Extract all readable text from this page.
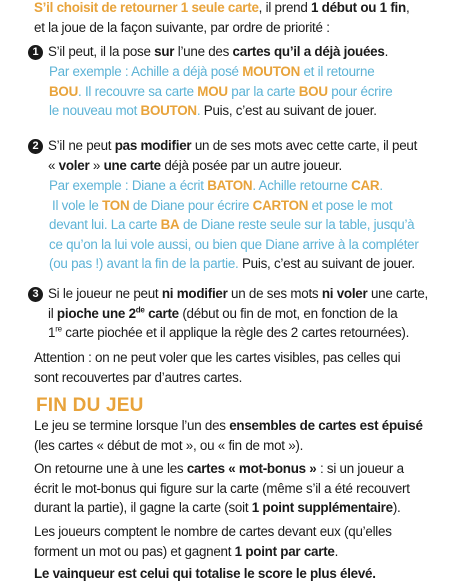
S’il choisit de retourner 1 seule carte, il prend 1 début ou 1 fin,
et la joue de la façon suivante, par ordre de priorité :
1 S’il peut, il la pose sur l’une des cartes qu’il a déjà jouées.
Par exemple : Achille a déjà posé MOUTON et il retourne
BOU. Il recouvre sa carte MOU par la carte BOU pour écrire
le nouveau mot BOUTON. Puis, c’est au suivant de jouer.
2 S’il ne peut pas modifier un de ses mots avec cette carte, il peut
« voler » une carte déjà posée par un autre joueur.
Par exemple : Diane a écrit BATON. Achille retourne CAR.
Il vole le TON de Diane pour écrire CARTON et pose le mot
devant lui. La carte BA de Diane reste seule sur la table, jusqu’à
ce qu’on la lui vole aussi, ou bien que Diane arrive à la compléter
(ou pas !) avant la fin de la partie. Puis, c’est au suivant de jouer.
3 Si le joueur ne peut ni modifier un de ses mots ni voler une carte,
il pioche une 2de carte (début ou fin de mot, en fonction de la
1re carte piochée et il applique la règle des 2 cartes retournées).
Attention : on ne peut voler que les cartes visibles, pas celles qui
sont recouvertes par d’autres cartes.
FIN DU JEU
Le jeu se termine lorsque l’un des ensembles de cartes est épuisé
(les cartes « début de mot », ou « fin de mot »).
On retourne une à une les cartes « mot-bonus » : si un joueur a
écrit le mot-bonus qui figure sur la carte (même s’il a été recouvert
durant la partie), il gagne la carte (soit 1 point supplémentaire).
Les joueurs comptent le nombre de cartes devant eux (qu’elles
forment un mot ou pas) et gagnent 1 point par carte.
Le vainqueur est celui qui totalise le score le plus élevé.
